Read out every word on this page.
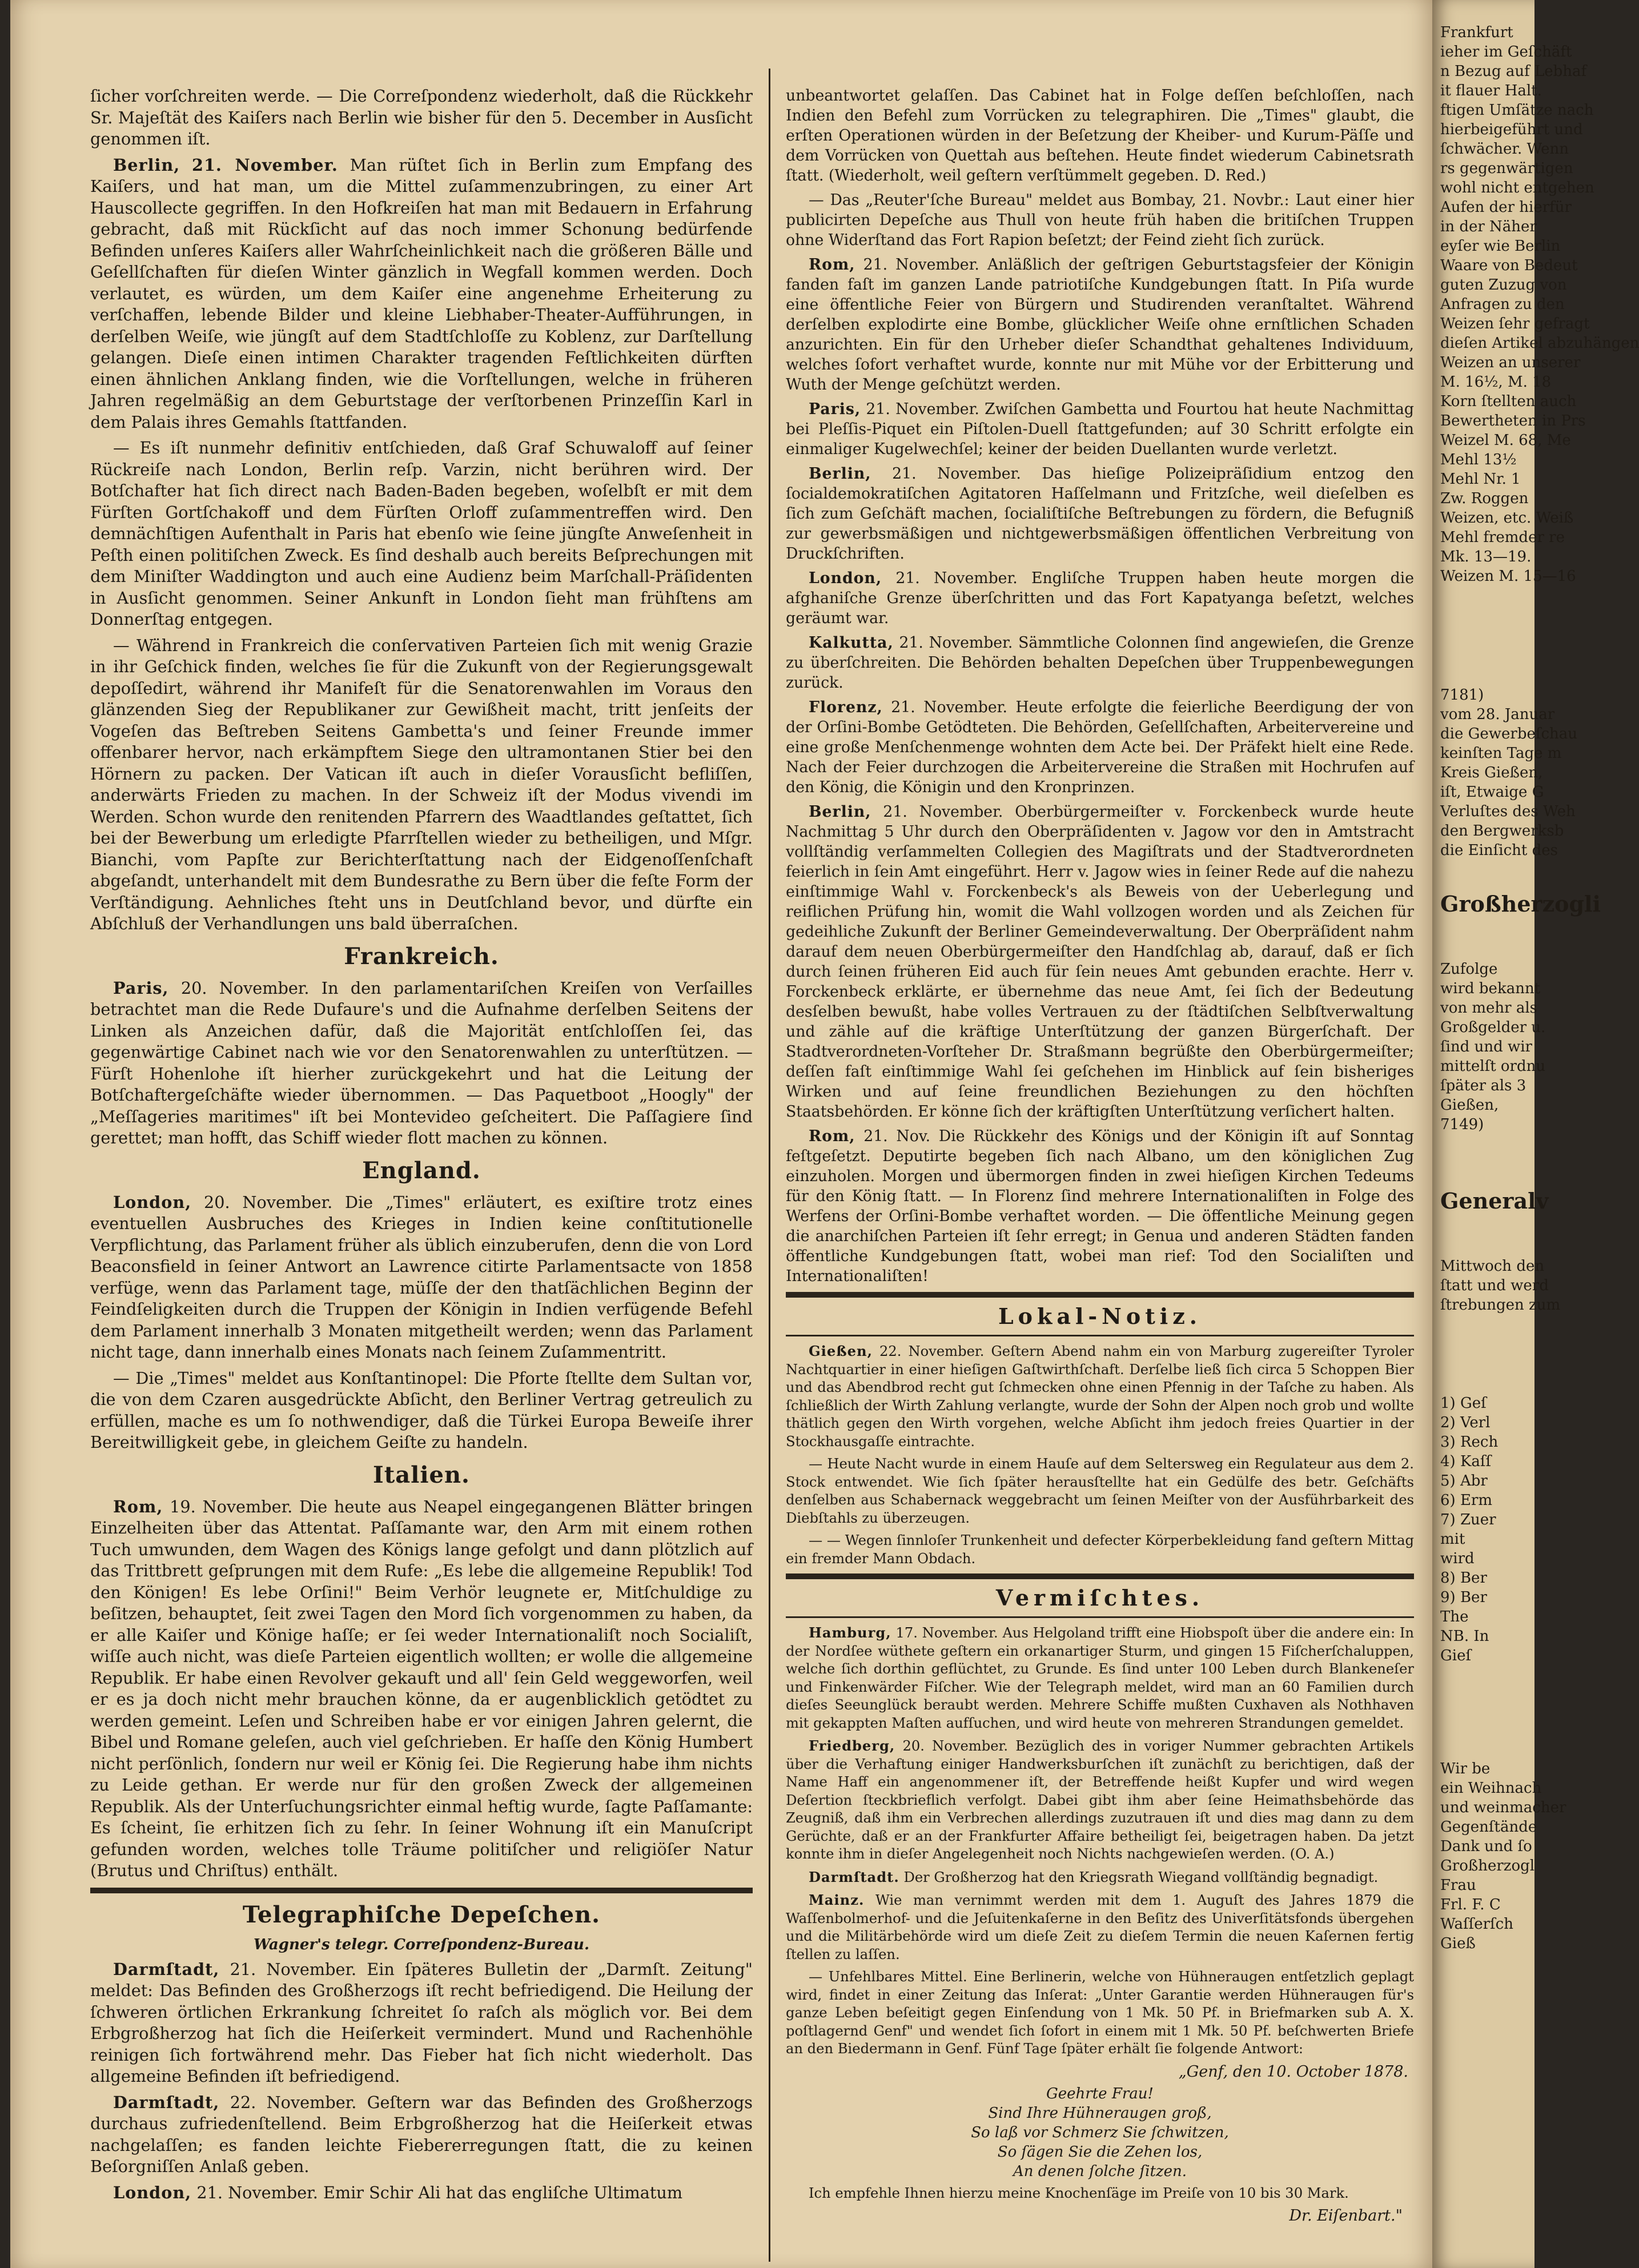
ſicher vorſchreiten werde. — Die Correſpondenz wiederholt, daß die Rückkehr Sr. Majeſtät des Kaiſers nach Berlin wie bisher für den 5. December in Ausſicht genommen iſt.

Berlin, 21. November. Man rüſtet ſich in Berlin zum Empfang des Kaiſers, und hat man, um die Mittel zuſammenzubringen, zu einer Art Hauscollecte gegriffen. In den Hofkreiſen hat man mit Bedauern in Erfahrung gebracht, daß mit Rückſicht auf das noch immer Schonung bedürfende Befinden unſeres Kaiſers aller Wahrſcheinlichkeit nach die größeren Bälle und Geſellſchaften für dieſen Winter gänzlich in Wegfall kommen werden. Doch verlautet, es würden, um dem Kaiſer eine angenehme Erheiterung zu verſchaffen, lebende Bilder und kleine Liebhaber-Theater-Aufführungen, in derſelben Weiſe, wie jüngſt auf dem Stadtſchloſſe zu Koblenz, zur Darſtellung gelangen. Dieſe einen intimen Charakter tragenden Feſtlichkeiten dürften einen ähnlichen Anklang finden, wie die Vorſtellungen, welche in früheren Jahren regelmäßig an dem Geburtstage der verſtorbenen Prinzeſſin Karl in dem Palais ihres Gemahls ſtattfanden.

— Es iſt nunmehr definitiv entſchieden, daß Graf Schuwaloff auf ſeiner Rückreiſe nach London, Berlin reſp. Varzin, nicht berühren wird. Der Botſchafter hat ſich direct nach Baden-Baden begeben, woſelbſt er mit dem Fürſten Gortſchakoff und dem Fürſten Orloff zuſammentreffen wird. Den demnächſtigen Aufenthalt in Paris hat ebenſo wie ſeine jüngſte Anweſenheit in Peſth einen politiſchen Zweck. Es ſind deshalb auch bereits Beſprechungen mit dem Miniſter Waddington und auch eine Audienz beim Marſchall-Präſidenten in Ausſicht genommen. Seiner Ankunft in London ſieht man frühſtens am Donnerſtag entgegen.

— Während in Frankreich die conſervativen Parteien ſich mit wenig Grazie in ihr Geſchick finden, welches ſie für die Zukunft von der Regierungsgewalt depoſſedirt, während ihr Manifeſt für die Senatorenwahlen im Voraus den glänzenden Sieg der Republikaner zur Gewißheit macht, tritt jenſeits der Vogeſen das Beſtreben Seitens Gambetta's und ſeiner Freunde immer offenbarer hervor, nach erkämpftem Siege den ultramontanen Stier bei den Hörnern zu packen. Der Vatican iſt auch in dieſer Vorausſicht befliſſen, anderwärts Frieden zu machen. In der Schweiz iſt der Modus vivendi im Werden. Schon wurde den renitenden Pfarrern des Waadtlandes geſtattet, ſich bei der Bewerbung um erledigte Pfarrſtellen wieder zu betheiligen, und Mſgr. Bianchi, vom Papſte zur Berichterſtattung nach der Eidgenoſſenſchaft abgeſandt, unterhandelt mit dem Bundesrathe zu Bern über die feſte Form der Verſtändigung. Aehnliches ſteht uns in Deutſchland bevor, und dürfte ein Abſchluß der Verhandlungen uns bald überraſchen.

Frankreich.

Paris, 20. November. In den parlamentariſchen Kreiſen von Verſailles betrachtet man die Rede Dufaure's und die Aufnahme derſelben Seitens der Linken als Anzeichen dafür, daß die Majorität entſchloſſen ſei, das gegenwärtige Cabinet nach wie vor den Senatorenwahlen zu unterſtützen. — Fürſt Hohenlohe iſt hierher zurückgekehrt und hat die Leitung der Botſchaftergeſchäfte wieder übernommen. — Das Paquetboot „Hoogly" der „Meſſageries maritimes" iſt bei Montevideo geſcheitert. Die Paſſagiere ſind gerettet; man hofft, das Schiff wieder flott machen zu können.

England.

London, 20. November. Die „Times" erläutert, es exiſtire trotz eines eventuellen Ausbruches des Krieges in Indien keine conſtitutionelle Verpflichtung, das Parlament früher als üblich einzuberufen, denn die von Lord Beaconsfield in ſeiner Antwort an Lawrence citirte Parlamentsacte von 1858 verfüge, wenn das Parlament tage, müſſe der den thatſächlichen Beginn der Feindſeligkeiten durch die Truppen der Königin in Indien verfügende Befehl dem Parlament innerhalb 3 Monaten mitgetheilt werden; wenn das Parlament nicht tage, dann innerhalb eines Monats nach ſeinem Zuſammentritt.

— Die „Times" meldet aus Konſtantinopel: Die Pforte ſtellte dem Sultan vor, die von dem Czaren ausgedrückte Abſicht, den Berliner Vertrag getreulich zu erfüllen, mache es um ſo nothwendiger, daß die Türkei Europa Beweiſe ihrer Bereitwilligkeit gebe, in gleichem Geiſte zu handeln.

Italien.

Rom, 19. November. Die heute aus Neapel eingegangenen Blätter bringen Einzelheiten über das Attentat. Paſſamante war, den Arm mit einem rothen Tuch umwunden, dem Wagen des Königs lange gefolgt und dann plötzlich auf das Trittbrett geſprungen mit dem Rufe: „Es lebe die allgemeine Republik! Tod den Königen! Es lebe Orſini!" Beim Verhör leugnete er, Mitſchuldige zu beſitzen, behauptet, ſeit zwei Tagen den Mord ſich vorgenommen zu haben, da er alle Kaiſer und Könige haſſe; er ſei weder Internationaliſt noch Socialiſt, wiſſe auch nicht, was dieſe Parteien eigentlich wollten; er wolle die allgemeine Republik. Er habe einen Revolver gekauft und all' ſein Geld weggeworfen, weil er es ja doch nicht mehr brauchen könne, da er augenblicklich getödtet zu werden gemeint. Leſen und Schreiben habe er vor einigen Jahren gelernt, die Bibel und Romane geleſen, auch viel geſchrieben. Er haſſe den König Humbert nicht perſönlich, ſondern nur weil er König ſei. Die Regierung habe ihm nichts zu Leide gethan. Er werde nur für den großen Zweck der allgemeinen Republik. Als der Unterſuchungsrichter einmal heftig wurde, ſagte Paſſamante: Es ſcheint, ſie erhitzen ſich zu ſehr. In ſeiner Wohnung iſt ein Manuſcript gefunden worden, welches tolle Träume politiſcher und religiöſer Natur (Brutus und Chriſtus) enthält.

Telegraphiſche Depeſchen.
Wagner's telegr. Correſpondenz-Bureau.

Darmſtadt, 21. November. Ein ſpäteres Bulletin der „Darmſt. Zeitung" meldet: Das Befinden des Großherzogs iſt recht befriedigend. Die Heilung der ſchweren örtlichen Erkrankung ſchreitet ſo raſch als möglich vor. Bei dem Erbgroßherzog hat ſich die Heiſerkeit vermindert. Mund und Rachenhöhle reinigen ſich fortwährend mehr. Das Fieber hat ſich nicht wiederholt. Das allgemeine Befinden iſt befriedigend.

Darmſtadt, 22. November. Geſtern war das Befinden des Großherzogs durchaus zufriedenſtellend. Beim Erbgroßherzog hat die Heiſerkeit etwas nachgelaſſen; es fanden leichte Fiebererregungen ſtatt, die zu keinen Beſorgniſſen Anlaß geben.

London, 21. November. Emir Schir Ali hat das engliſche Ultimatum

unbeantwortet gelaſſen. Das Cabinet hat in Folge deſſen beſchloſſen, nach Indien den Befehl zum Vorrücken zu telegraphiren. Die „Times" glaubt, die erſten Operationen würden in der Beſetzung der Kheiber- und Kurum-Päſſe und dem Vorrücken von Quettah aus beſtehen. Heute findet wiederum Cabinetsrath ſtatt. (Wiederholt, weil geſtern verſtümmelt gegeben. D. Red.)

— Das „Reuter'ſche Bureau" meldet aus Bombay, 21. Novbr.: Laut einer hier publicirten Depeſche aus Thull von heute früh haben die britiſchen Truppen ohne Widerſtand das Fort Rapion beſetzt; der Feind zieht ſich zurück.

Rom, 21. November. Anläßlich der geſtrigen Geburtstagsfeier der Königin fanden faſt im ganzen Lande patriotiſche Kundgebungen ſtatt. In Piſa wurde eine öffentliche Feier von Bürgern und Studirenden veranſtaltet. Während derſelben explodirte eine Bombe, glücklicher Weiſe ohne ernſtlichen Schaden anzurichten. Ein für den Urheber dieſer Schandthat gehaltenes Individuum, welches ſofort verhaftet wurde, konnte nur mit Mühe vor der Erbitterung und Wuth der Menge geſchützt werden.

Paris, 21. November. Zwiſchen Gambetta und Fourtou hat heute Nachmittag bei Pleſſis-Piquet ein Piſtolen-Duell ſtattgefunden; auf 30 Schritt erfolgte ein einmaliger Kugelwechſel; keiner der beiden Duellanten wurde verletzt.

Berlin, 21. November. Das hieſige Polizeipräſidium entzog den ſocialdemokratiſchen Agitatoren Haſſelmann und Fritzſche, weil dieſelben es ſich zum Geſchäft machen, ſocialiſtiſche Beſtrebungen zu fördern, die Befugniß zur gewerbsmäßigen und nichtgewerbsmäßigen öffentlichen Verbreitung von Druckſchriften.

London, 21. November. Engliſche Truppen haben heute morgen die afghaniſche Grenze überſchritten und das Fort Kapatyanga beſetzt, welches geräumt war.

Kalkutta, 21. November. Sämmtliche Colonnen ſind angewieſen, die Grenze zu überſchreiten. Die Behörden behalten Depeſchen über Truppenbewegungen zurück.

Florenz, 21. November. Heute erfolgte die feierliche Beerdigung der von der Orſini-Bombe Getödteten. Die Behörden, Geſellſchaften, Arbeitervereine und eine große Menſchenmenge wohnten dem Acte bei. Der Präfekt hielt eine Rede. Nach der Feier durchzogen die Arbeitervereine die Straßen mit Hochrufen auf den König, die Königin und den Kronprinzen.

Berlin, 21. November. Oberbürgermeiſter v. Forckenbeck wurde heute Nachmittag 5 Uhr durch den Oberpräſidenten v. Jagow vor den in Amtstracht vollſtändig verſammelten Collegien des Magiſtrats und der Stadtverordneten feierlich in ſein Amt eingeführt. Herr v. Jagow wies in ſeiner Rede auf die nahezu einſtimmige Wahl v. Forckenbeck's als Beweis von der Ueberlegung und reiflichen Prüfung hin, womit die Wahl vollzogen worden und als Zeichen für gedeihliche Zukunft der Berliner Gemeindeverwaltung. Der Oberpräſident nahm darauf dem neuen Oberbürgermeiſter den Handſchlag ab, darauf, daß er ſich durch ſeinen früheren Eid auch für ſein neues Amt gebunden erachte. Herr v. Forckenbeck erklärte, er übernehme das neue Amt, ſei ſich der Bedeutung desſelben bewußt, habe volles Vertrauen zu der ſtädtiſchen Selbſtverwaltung und zähle auf die kräftige Unterſtützung der ganzen Bürgerſchaft. Der Stadtverordneten-Vorſteher Dr. Straßmann begrüßte den Oberbürgermeiſter; deſſen faſt einſtimmige Wahl ſei geſchehen im Hinblick auf ſein bisheriges Wirken und auf ſeine freundlichen Beziehungen zu den höchſten Staatsbehörden. Er könne ſich der kräftigſten Unterſtützung verſichert halten.

Rom, 21. Nov. Die Rückkehr des Königs und der Königin iſt auf Sonntag feſtgeſetzt. Deputirte begeben ſich nach Albano, um den königlichen Zug einzuholen. Morgen und übermorgen finden in zwei hieſigen Kirchen Tedeums für den König ſtatt. — In Florenz ſind mehrere Internationaliſten in Folge des Werfens der Orſini-Bombe verhaftet worden. — Die öffentliche Meinung gegen die anarchiſchen Parteien iſt ſehr erregt; in Genua und anderen Städten fanden öffentliche Kundgebungen ſtatt, wobei man rief: Tod den Socialiſten und Internationaliſten!

Lokal-Notiz.

Gießen, 22. November. Geſtern Abend nahm ein von Marburg zugereiſter Tyroler Nachtquartier in einer hieſigen Gaſtwirthſchaft. Derſelbe ließ ſich circa 5 Schoppen Bier und das Abendbrod recht gut ſchmecken ohne einen Pfennig in der Taſche zu haben. Als ſchließlich der Wirth Zahlung verlangte, wurde der Sohn der Alpen noch grob und wollte thätlich gegen den Wirth vorgehen, welche Abſicht ihm jedoch freies Quartier in der Stockhausgaſſe eintrachte.

— Heute Nacht wurde in einem Hauſe auf dem Seltersweg ein Regulateur aus dem 2. Stock entwendet. Wie ſich ſpäter herausſtellte hat ein Gedülfe des betr. Geſchäfts denſelben aus Schabernack weggebracht um ſeinen Meiſter von der Ausführbarkeit des Diebſtahls zu überzeugen.

— — Wegen ſinnloſer Trunkenheit und defecter Körperbekleidung fand geſtern Mittag ein fremder Mann Obdach.

Vermiſchtes.

Hamburg, 17. November. Aus Helgoland trifft eine Hiobspoſt über die andere ein: In der Nordſee wüthete geſtern ein orkanartiger Sturm, und gingen 15 Fiſcherſchaluppen, welche ſich dorthin geflüchtet, zu Grunde. Es ſind unter 100 Leben durch Blankeneſer und Finkenwärder Fiſcher. Wie der Telegraph meldet, wird man an 60 Familien durch dieſes Seeunglück beraubt werden. Mehrere Schiffe mußten Cuxhaven als Nothhaven mit gekappten Maſten aufſuchen, und wird heute von mehreren Strandungen gemeldet.

Friedberg, 20. November. Bezüglich des in voriger Nummer gebrachten Artikels über die Verhaftung einiger Handwerksburſchen iſt zunächſt zu berichtigen, daß der Name Haff ein angenommener iſt, der Betreffende heißt Kupfer und wird wegen Deſertion ſteckbrieflich verfolgt. Dabei gibt ihm aber ſeine Heimathsbehörde das Zeugniß, daß ihm ein Verbrechen allerdings zuzutrauen iſt und dies mag dann zu dem Gerüchte, daß er an der Frankfurter Affaire betheiligt ſei, beigetragen haben. Da jetzt konnte ihm in dieſer Angelegenheit noch Nichts nachgewieſen werden. (O. A.)

Darmſtadt. Der Großherzog hat den Kriegsrath Wiegand vollſtändig begnadigt.

Mainz. Wie man vernimmt werden mit dem 1. Auguſt des Jahres 1879 die Waſſenbolmerhof- und die Jeſuitenkaſerne in den Beſitz des Univerſitätsfonds übergehen und die Militärbehörde wird um dieſe Zeit zu dieſem Termin die neuen Kaſernen fertig ſtellen zu laſſen.

— Unfehlbares Mittel. Eine Berlinerin, welche von Hühneraugen entſetzlich geplagt wird, findet in einer Zeitung das Inſerat: „Unter Garantie werden Hühneraugen für's ganze Leben beſeitigt gegen Einſendung von 1 Mk. 50 Pf. in Briefmarken sub A. X. poſtlagernd Genf" und wendet ſich ſofort in einem mit 1 Mk. 50 Pf. beſchwerten Briefe an den Biedermann in Genf. Fünf Tage ſpäter erhält ſie folgende Antwort:

„Genf, den 10. October 1878.
Geehrte Frau!
Sind Ihre Hühneraugen groß,
So laß vor Schmerz Sie ſchwitzen,
So ſägen Sie die Zehen los,
An denen ſolche ſitzen.

Ich empfehle Ihnen hierzu meine Knochenſäge im Preiſe von 10 bis 30 Mark.

Dr. Eiſenbart."
Frankfurt
ieher im Geſchäft
n Bezug auf Lebhaf
it flauer Halt.
ftigen Umſätze nach
hierbeigeführt und
ſchwächer. Wenn
rs gegenwärtigen
wohl nicht entgehen
Aufen der hierfür
in der Näher
eyſer wie Berlin
Waare von Bedeut
guten Zuzug von
Anfragen zu den
Weizen ſehr gefragt
dieſen Artikel abzuhängen
Weizen an unserer
M. 16½, M. 18
Korn ſtellten auch
Bewertheten in Prs
Weizel M. 68, Me
Mehl 13½
Mehl Nr. 1
Zw. Roggen
Weizen, etc. Weiß
Mehl fremder re
Mk. 13—19.
Weizen M. 15—16
7181)
vom 28. Januar
die Gewerbeſchau
keinſten Tage m
Kreis Gießen,
iſt, Etwaige G
Verluſtes des Weh
den Bergwerksb
die Einſicht des
Großherzogli
Zufolge
wird bekannt
von mehr als
Großgelder u.
ſind und wir
mittelſt ordnu
ſpäter als 3
Gießen,
7149)
Generalv
Mittwoch den
ſtatt und werd
ſtrebungen zum
1) Geſ
2) Verl
3) Rech
4) Kaſſ
5) Abr
6) Erm
7) Zuer
mit
wird
8) Ber
9) Ber
The
NB. In
Gieſ
Wir be
ein Weihnach
und weinmacher
Gegenſtände
Dank und ſo
Großherzogl
Frau
Frl. F. C
Waſſerſch
Gieß
